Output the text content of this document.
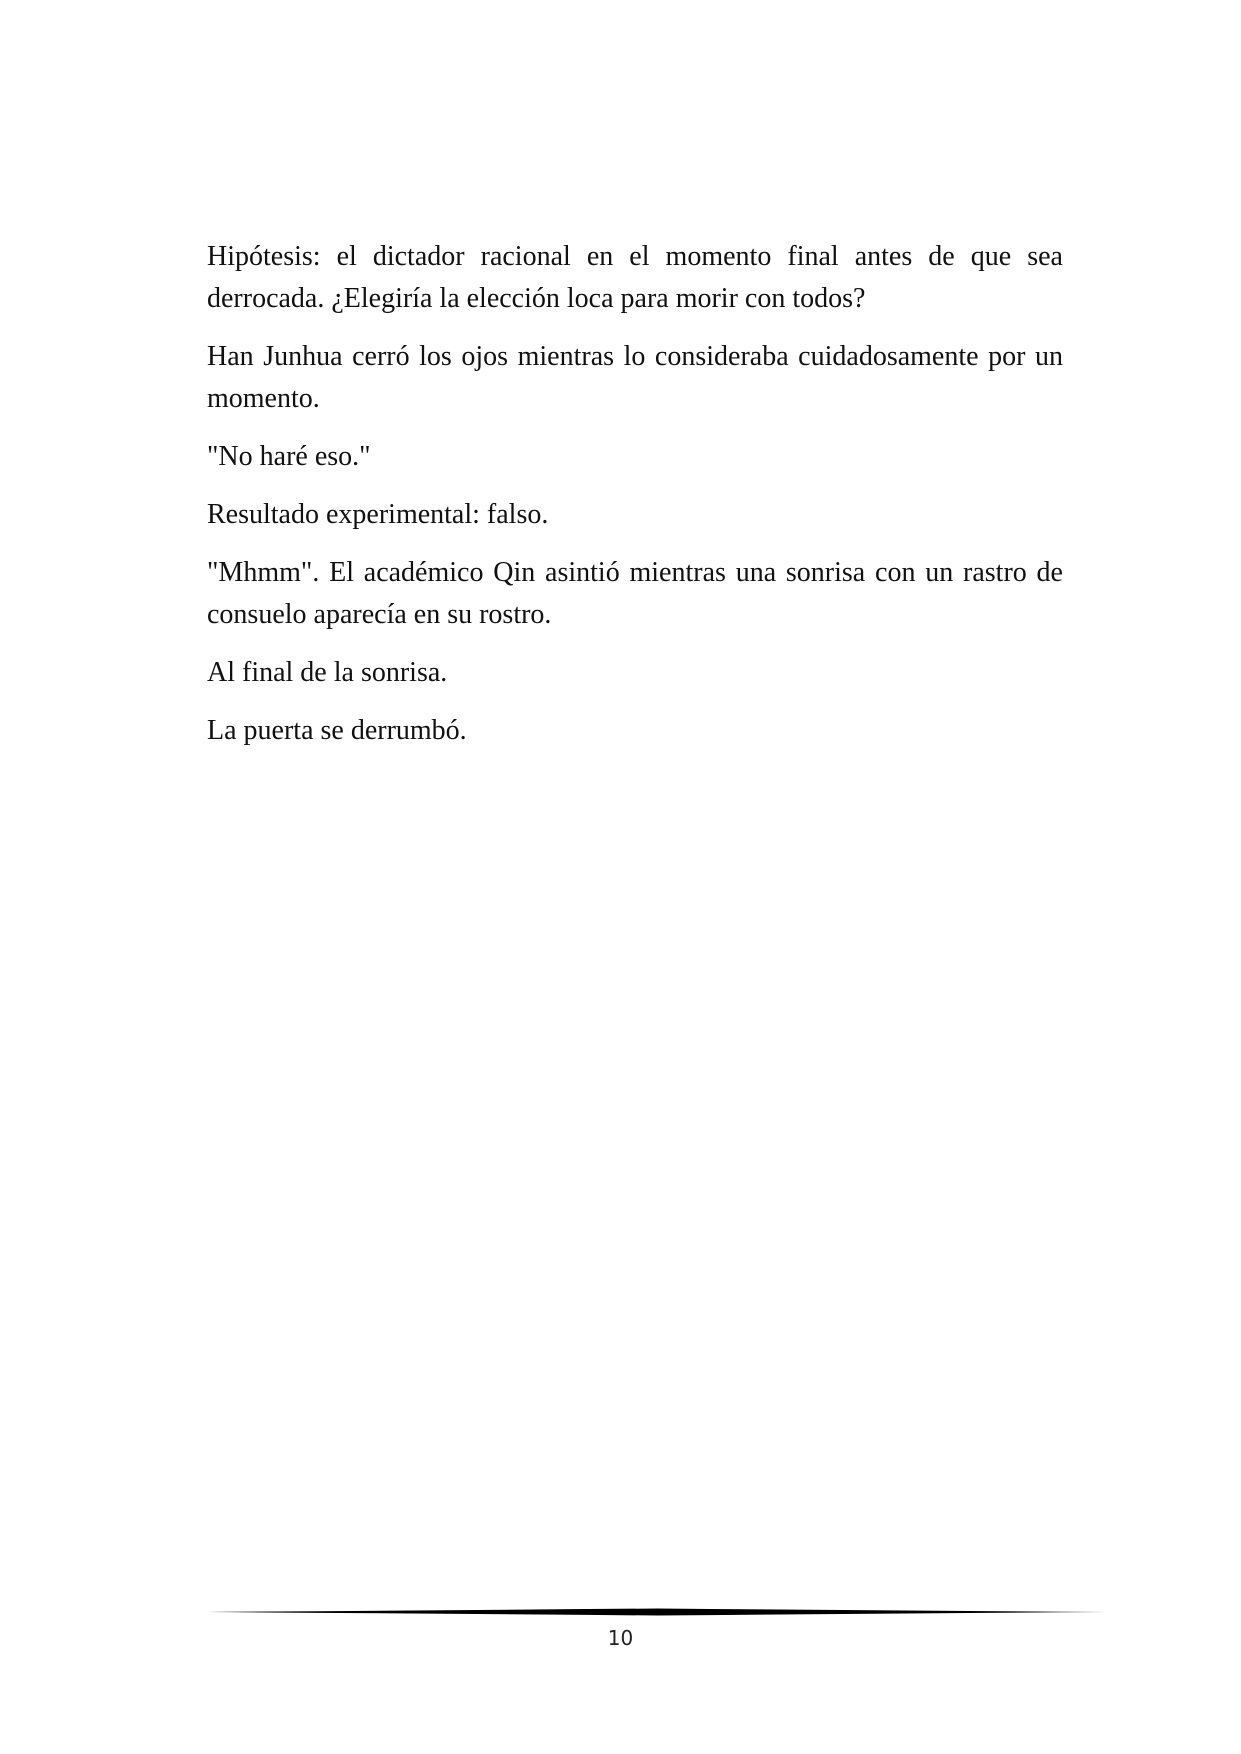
Hipótesis: el dictador racional en el momento final antes de que sea derrocada. ¿Elegiría la elección loca para morir con todos?

Han Junhua cerró los ojos mientras lo consideraba cuidadosamente por un momento.

"No haré eso."

Resultado experimental: falso.

"Mhmm". El académico Qin asintió mientras una sonrisa con un rastro de consuelo aparecía en su rostro.

Al final de la sonrisa.

La puerta se derrumbó.

10
